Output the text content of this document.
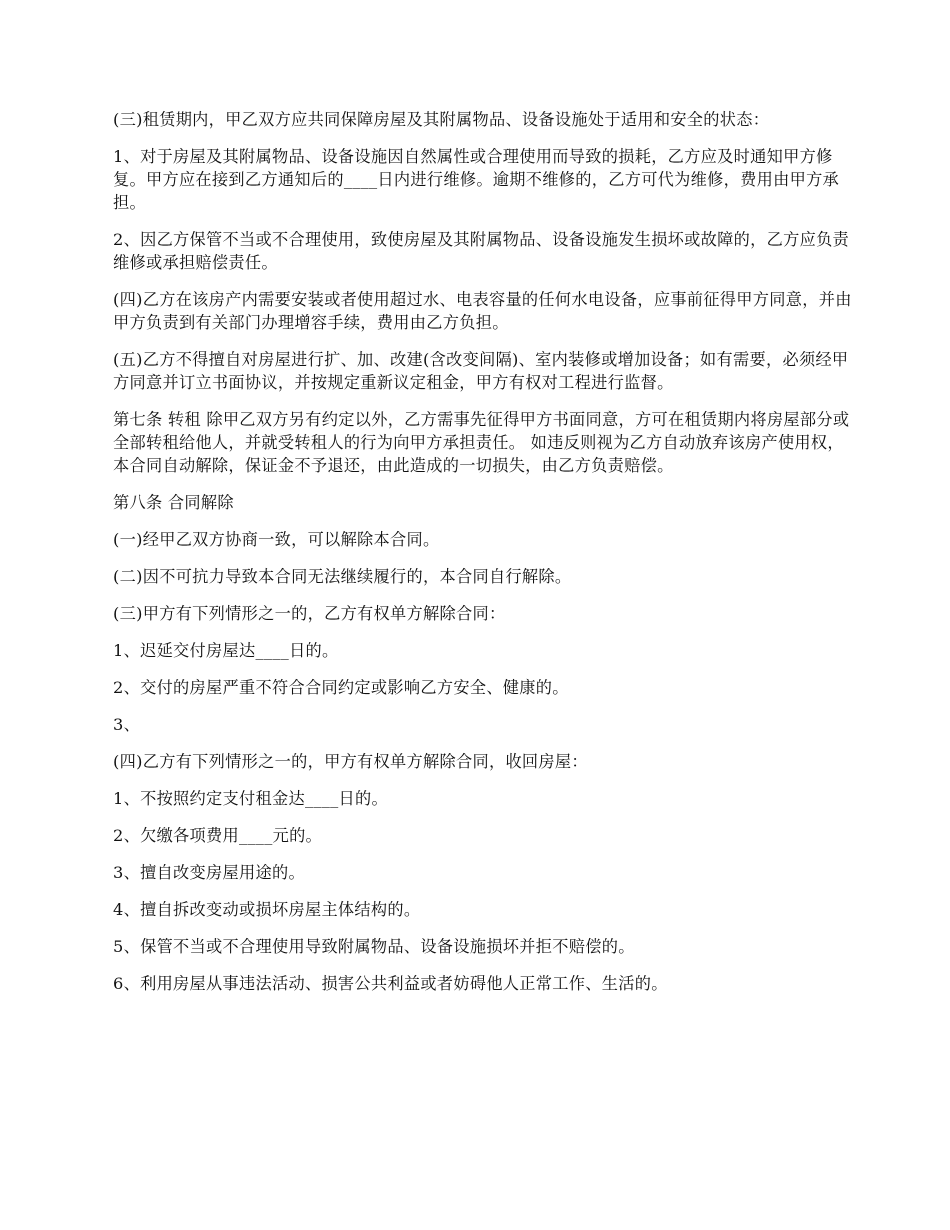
(三)租赁期内，甲乙双方应共同保障房屋及其附属物品、设备设施处于适用和安全的状态：

1、对于房屋及其附属物品、设备设施因自然属性或合理使用而导致的损耗，乙方应及时通知甲方修复。甲方应在接到乙方通知后的____日内进行维修。逾期不维修的，乙方可代为维修，费用由甲方承担。

2、因乙方保管不当或不合理使用，致使房屋及其附属物品、设备设施发生损坏或故障的，乙方应负责维修或承担赔偿责任。

(四)乙方在该房产内需要安装或者使用超过水、电表容量的任何水电设备，应事前征得甲方同意，并由甲方负责到有关部门办理增容手续，费用由乙方负担。

(五)乙方不得擅自对房屋进行扩、加、改建(含改变间隔)、室内装修或增加设备；如有需要，必须经甲方同意并订立书面协议，并按规定重新议定租金，甲方有权对工程进行监督。

第七条 转租 除甲乙双方另有约定以外，乙方需事先征得甲方书面同意，方可在租赁期内将房屋部分或全部转租给他人，并就受转租人的行为向甲方承担责任。 如违反则视为乙方自动放弃该房产使用权，本合同自动解除，保证金不予退还，由此造成的一切损失，由乙方负责赔偿。

第八条 合同解除

(一)经甲乙双方协商一致，可以解除本合同。

(二)因不可抗力导致本合同无法继续履行的，本合同自行解除。

(三)甲方有下列情形之一的，乙方有权单方解除合同：

1、迟延交付房屋达____日的。

2、交付的房屋严重不符合合同约定或影响乙方安全、健康的。

3、

(四)乙方有下列情形之一的，甲方有权单方解除合同，收回房屋：

1、不按照约定支付租金达____日的。

2、欠缴各项费用____元的。

3、擅自改变房屋用途的。

4、擅自拆改变动或损坏房屋主体结构的。

5、保管不当或不合理使用导致附属物品、设备设施损坏并拒不赔偿的。

6、利用房屋从事违法活动、损害公共利益或者妨碍他人正常工作、生活的。
